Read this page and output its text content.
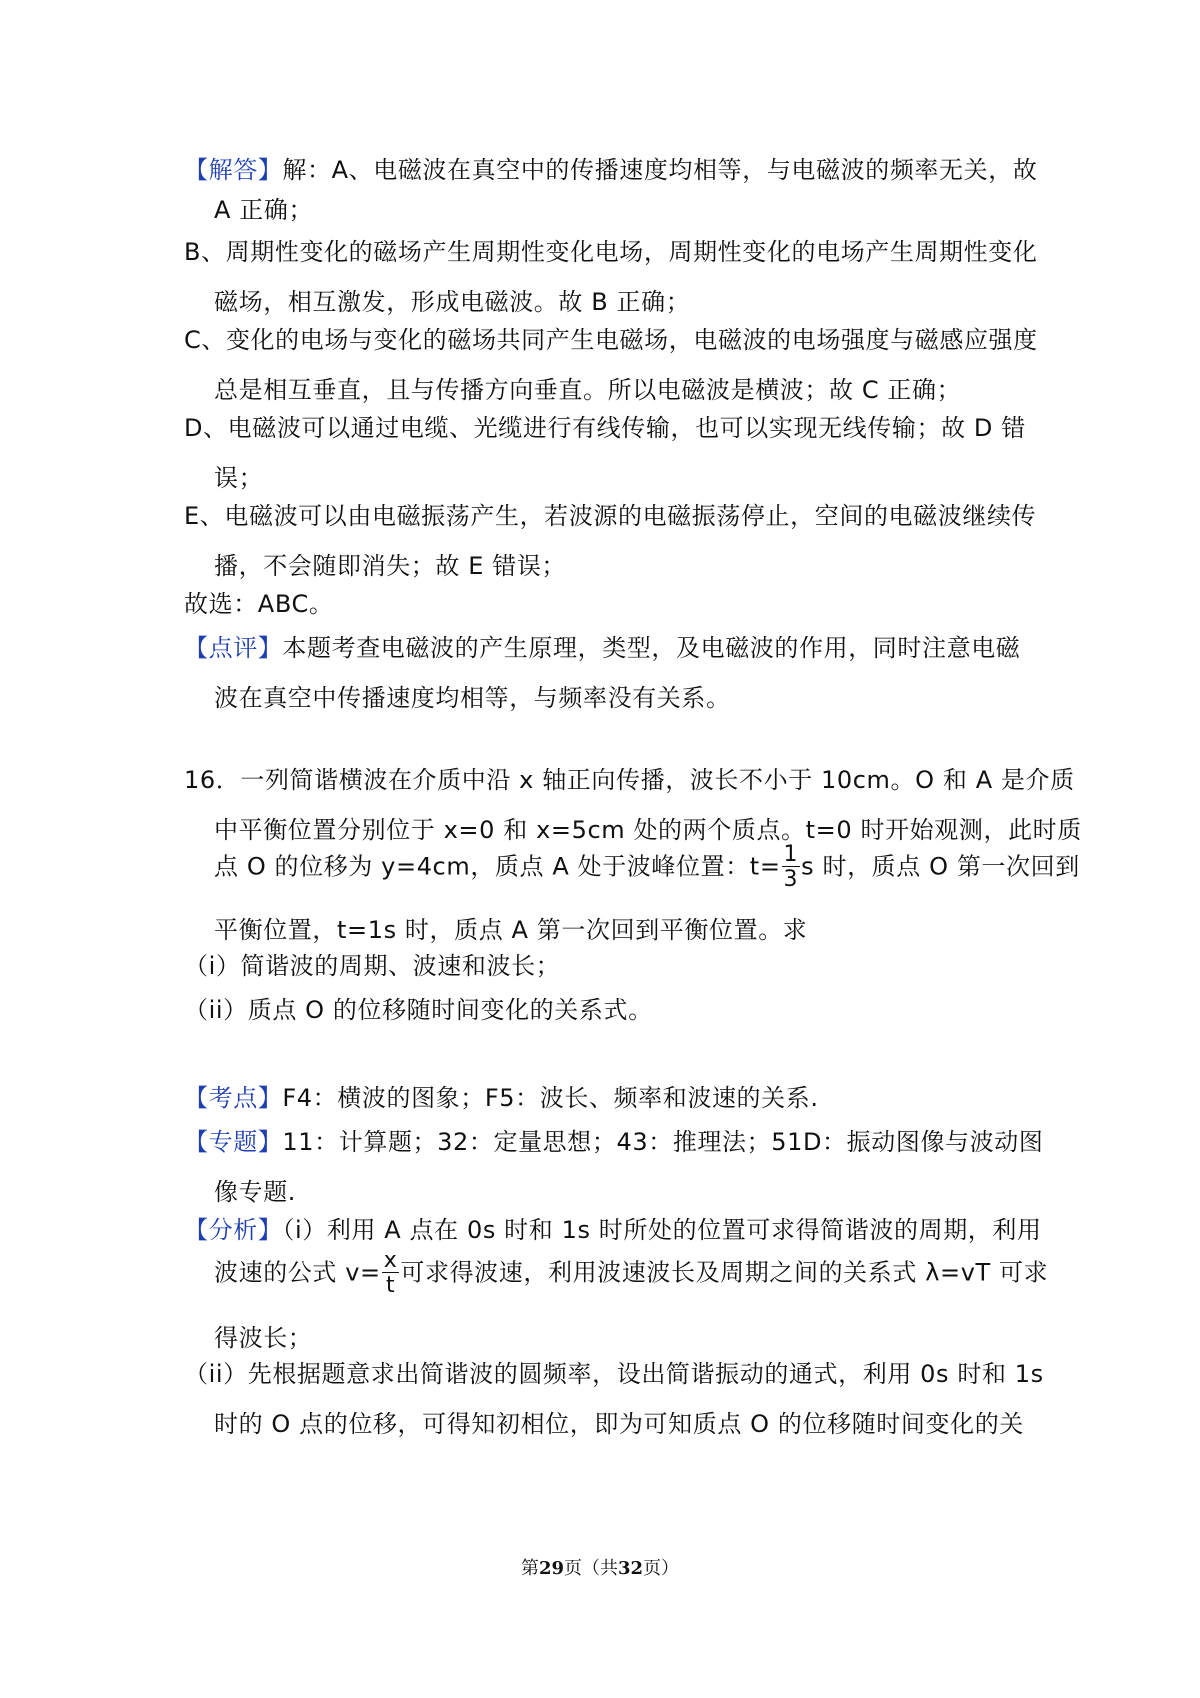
【解答】解：A、电磁波在真空中的传播速度均相等，与电磁波的频率无关，故
A 正确；
B、周期性变化的磁场产生周期性变化电场，周期性变化的电场产生周期性变化
磁场，相互激发，形成电磁波。故 B 正确；
C、变化的电场与变化的磁场共同产生电磁场，电磁波的电场强度与磁感应强度
总是相互垂直，且与传播方向垂直。所以电磁波是横波；故 C 正确；
D、电磁波可以通过电缆、光缆进行有线传输，也可以实现无线传输；故 D 错
误；
E、电磁波可以由电磁振荡产生，若波源的电磁振荡停止，空间的电磁波继续传
播，不会随即消失；故 E 错误；
故选：ABC。
【点评】本题考查电磁波的产生原理，类型，及电磁波的作用，同时注意电磁
波在真空中传播速度均相等，与频率没有关系。
16．一列简谐横波在介质中沿 x 轴正向传播，波长不小于 10cm。O 和 A 是介质
中平衡位置分别位于 x=0 和 x=5cm 处的两个质点。t=0 时开始观测，此时质
点 O 的位移为 y=4cm，质点 A 处于波峰位置：$t= \frac{1}{3}$ s 时，质点 O 第一次回到
平衡位置，t=1s 时，质点 A 第一次回到平衡位置。求
（i）简谐波的周期、波速和波长；
（ii）质点 O 的位移随时间变化的关系式。
【考点】F4：横波的图象；F5：波长、频率和波速的关系.
【专题】11：计算题；32：定量思想；43：推理法；51D：振动图像与波动图
像专题.
【分析】（i）利用 A 点在 0s 时和 1s 时所处的位置可求得简谐波的周期，利用
波速的公式 $v= \frac{x}{t}$ 可求得波速，利用波速波长及周期之间的关系式 λ=vT 可求
得波长；
（ii）先根据题意求出简谐波的圆频率，设出简谐振动的通式，利用 0s 时和 1s
时的 O 点的位移，可得知初相位，即为可知质点 O 的位移随时间变化的关
第29页（共32页）
